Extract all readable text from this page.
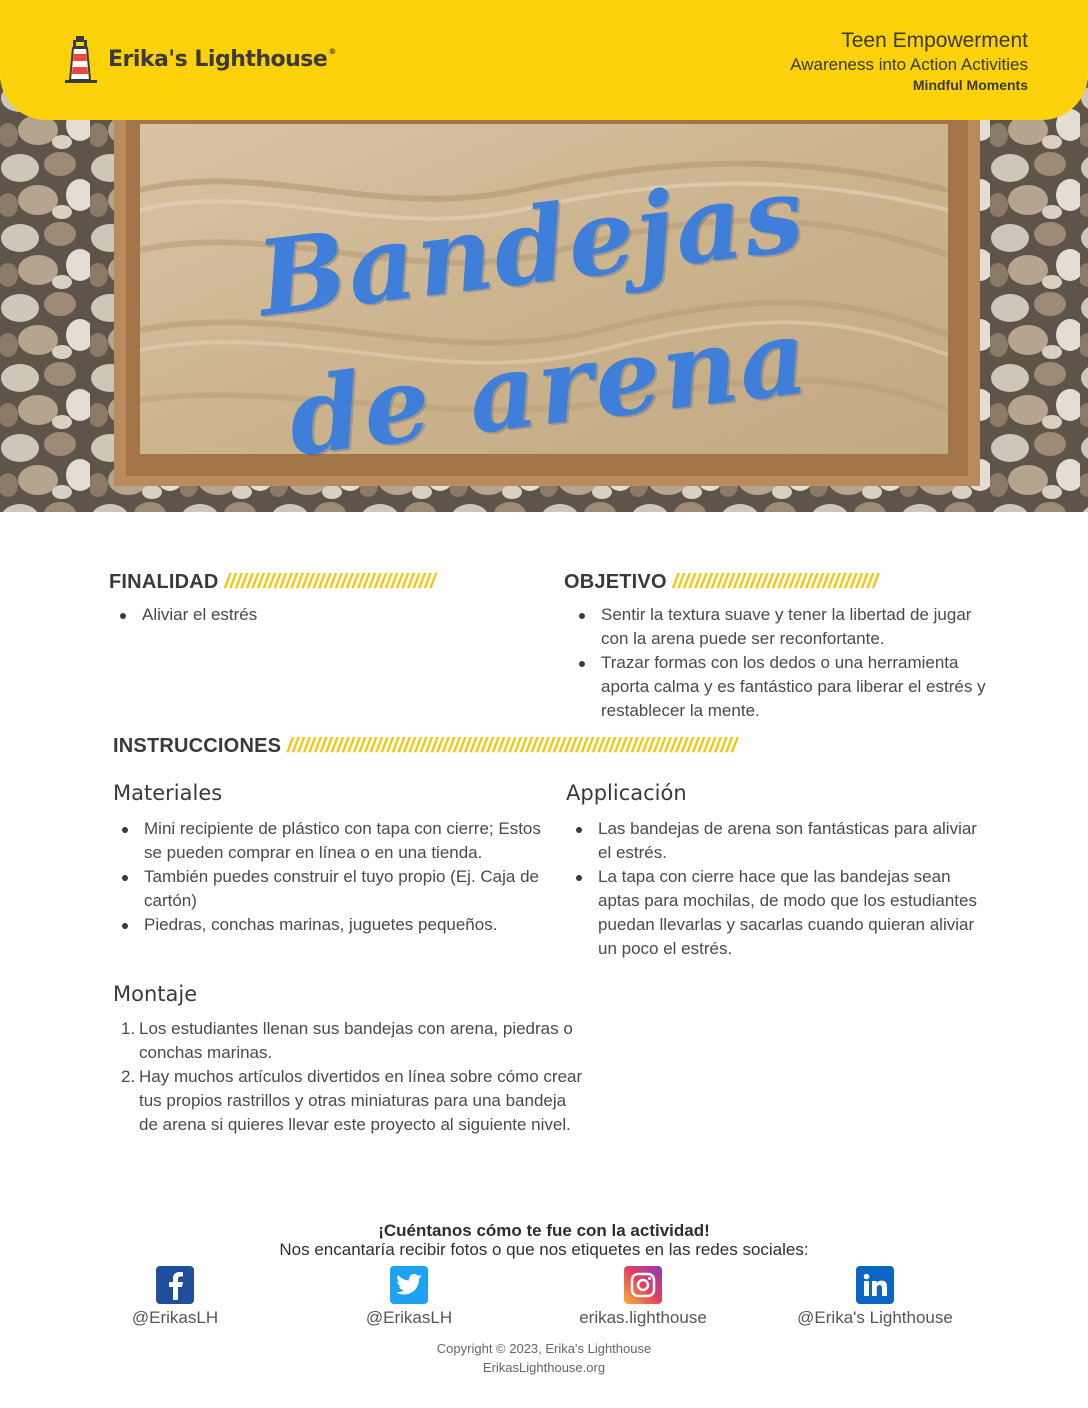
Erika's Lighthouse®	Teen Empowerment
Awareness into Action Activities
Mindful Moments
Bandejas de arena
FINALIDAD //////////////////////////////////////
Aliviar el estrés
OBJETIVO /////////////////////////////////////
Sentir la textura suave y tener la libertad de jugar con la arena puede ser reconfortante.
Trazar formas con los dedos o una herramienta aporta calma y es fantástico para liberar el estrés y restablecer la mente.
INSTRUCCIONES /////////////////////////////////////////////////////////////////////////////////
Materiales
Mini recipiente de plástico con tapa con cierre; Estos se pueden comprar en línea o en una tienda.
También puedes construir el tuyo propio (Ej. Caja de cartón)
Piedras, conchas marinas, juguetes pequeños.
Applicación
Las bandejas de arena son fantásticas para aliviar el estrés.
La tapa con cierre hace que las bandejas sean aptas para mochilas, de modo que los estudiantes puedan llevarlas y sacarlas cuando quieran aliviar un poco el estrés.
Montaje
1. Los estudiantes llenan sus bandejas con arena, piedras o conchas marinas.
2. Hay muchos artículos divertidos en línea sobre cómo crear tus propios rastrillos y otras miniaturas para una bandeja de arena si quieres llevar este proyecto al siguiente nivel.
¡Cuéntanos cómo te fue con la actividad!
Nos encantaría recibir fotos o que nos etiquetes en las redes sociales:
@ErikasLH	@ErikasLH	erikas.lighthouse	@Erika's Lighthouse
Copyright © 2023, Erika's Lighthouse
ErikasLighthouse.org
